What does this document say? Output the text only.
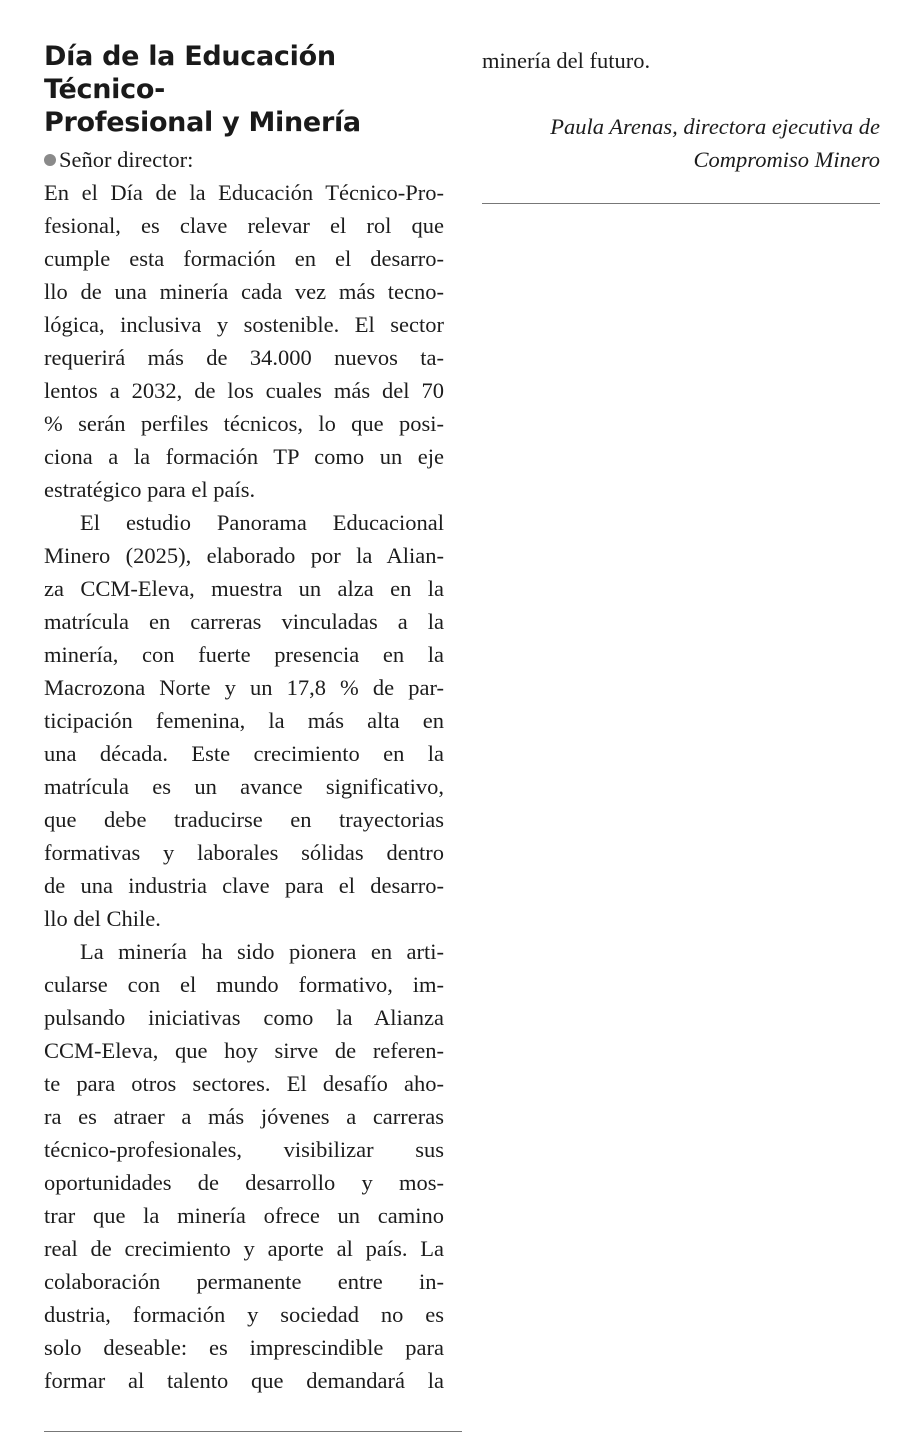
Día de la Educación Técnico-
Profesional y Minería
Señor director:
En el Día de la Educación Técnico-Pro-
fesional, es clave relevar el rol que
cumple esta formación en el desarro-
llo de una minería cada vez más tecno-
lógica, inclusiva y sostenible. El sector
requerirá más de 34.000 nuevos ta-
lentos a 2032, de los cuales más del 70
% serán perfiles técnicos, lo que posi-
ciona a la formación TP como un eje
estratégico para el país.
El estudio Panorama Educacional
Minero (2025), elaborado por la Alian-
za CCM-Eleva, muestra un alza en la
matrícula en carreras vinculadas a la
minería, con fuerte presencia en la
Macrozona Norte y un 17,8 % de par-
ticipación femenina, la más alta en
una década. Este crecimiento en la
matrícula es un avance significativo,
que debe traducirse en trayectorias
formativas y laborales sólidas dentro
de una industria clave para el desarro-
llo del Chile.
La minería ha sido pionera en arti-
cularse con el mundo formativo, im-
pulsando iniciativas como la Alianza
CCM-Eleva, que hoy sirve de referen-
te para otros sectores. El desafío aho-
ra es atraer a más jóvenes a carreras
técnico-profesionales, visibilizar sus
oportunidades de desarrollo y mos-
trar que la minería ofrece un camino
real de crecimiento y aporte al país. La
colaboración permanente entre in-
dustria, formación y sociedad no es
solo deseable: es imprescindible para
formar al talento que demandará la
minería del futuro.
Paula Arenas, directora ejecutiva de
Compromiso Minero
